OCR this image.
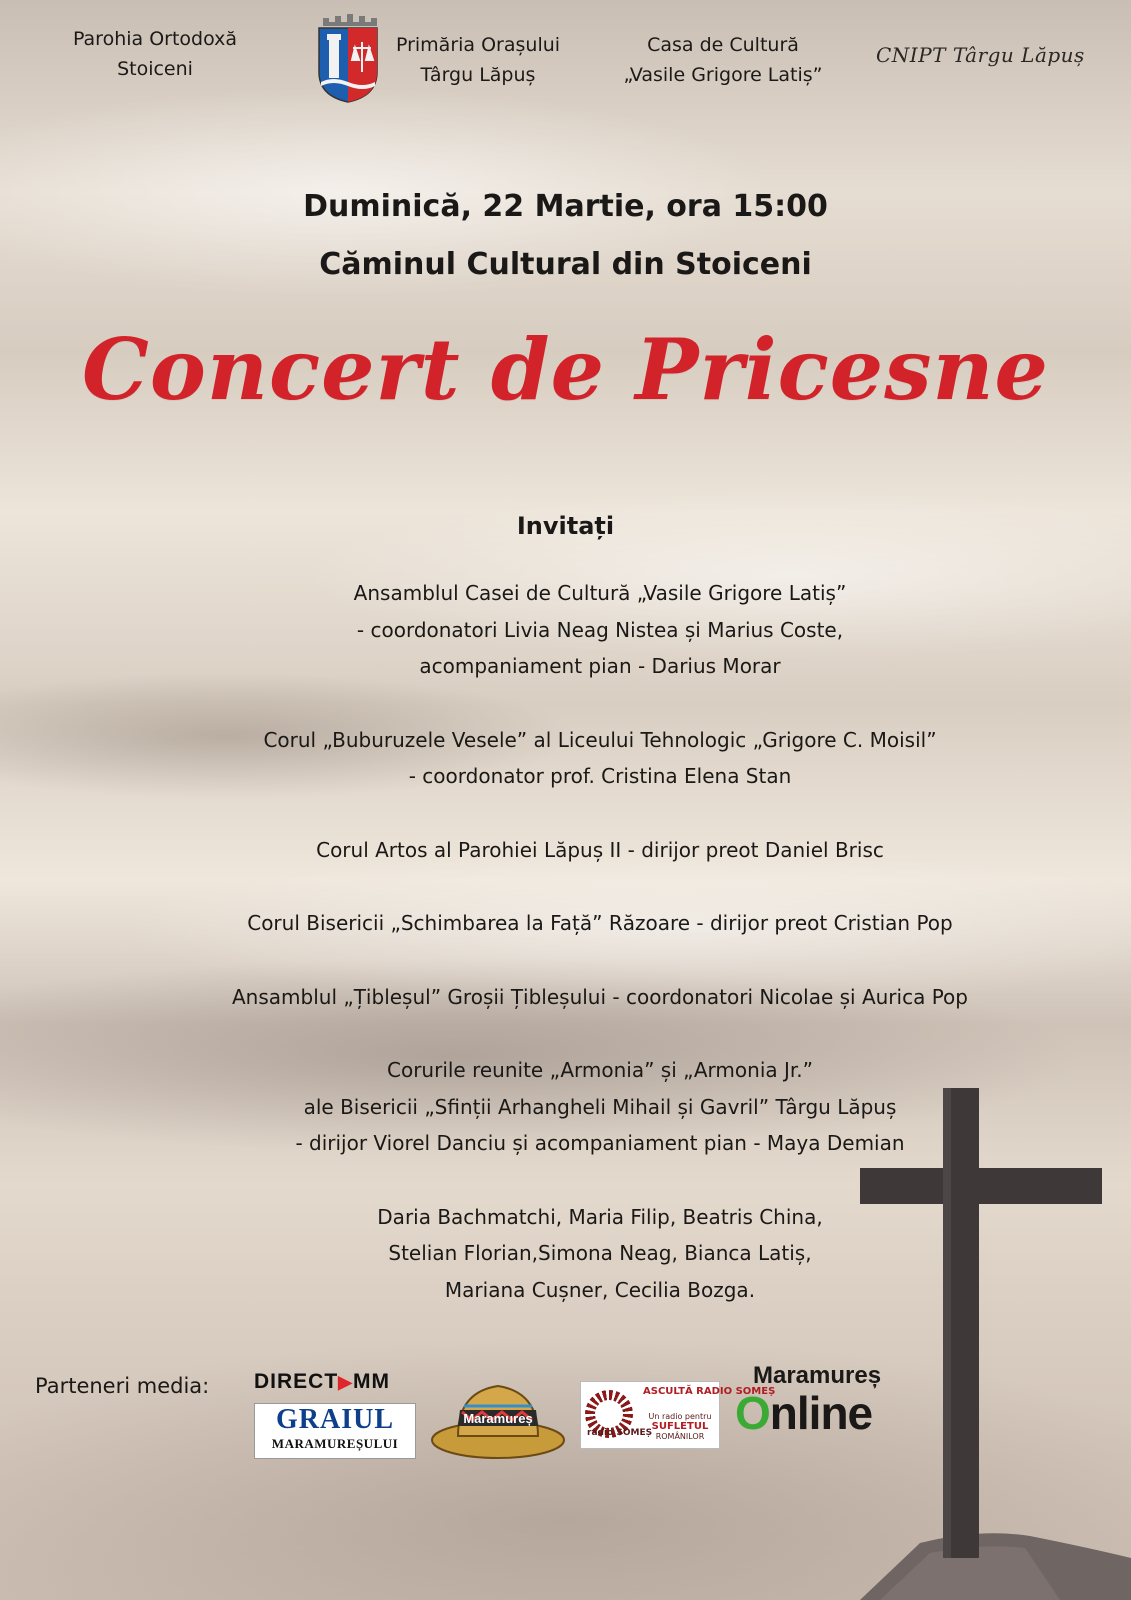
Parohia Ortodoxă
Stoiceni
Primăria Orașului
Târgu Lăpuș
Casa de Cultură
„Vasile Grigore Latiș”
CNIPT Târgu Lăpuș
Duminică, 22 Martie, ora 15:00
Căminul Cultural din Stoiceni
Concert de Pricesne
Invitați
Ansamblul Casei de Cultură „Vasile Grigore Latiș”
- coordonatori Livia Neag Nistea și Marius Coste,
acompaniament pian - Darius Morar
Corul „Buburuzele Vesele” al Liceului Tehnologic „Grigore C. Moisil”
- coordonator prof. Cristina Elena Stan
Corul Artos al Parohiei Lăpuș II - dirijor preot Daniel Brisc
Corul Bisericii „Schimbarea la Față” Răzoare - dirijor preot Cristian Pop
Ansamblul „Țibleșul” Groșii Țibleșului - coordonatori Nicolae și Aurica Pop
Corurile reunite „Armonia” și „Armonia Jr.”
ale Bisericii „Sfinții Arhangheli Mihail și Gavril” Târgu Lăpuș
- dirijor Viorel Danciu și acompaniament pian - Maya Demian
Daria Bachmatchi, Maria Filip, Beatris China,
Stelian Florian,Simona Neag, Bianca Latiș,
Mariana Cușner, Cecilia Bozga.
Parteneri media: DIRECT▶MM
GRAIUL
MARAMUREȘULUI
Maramureș
radio SOMEȘ
ASCULTĂ RADIO SOMEȘ
Un radio pentru
SUFLETUL
ROMÂNILOR
Maramureș
Online
